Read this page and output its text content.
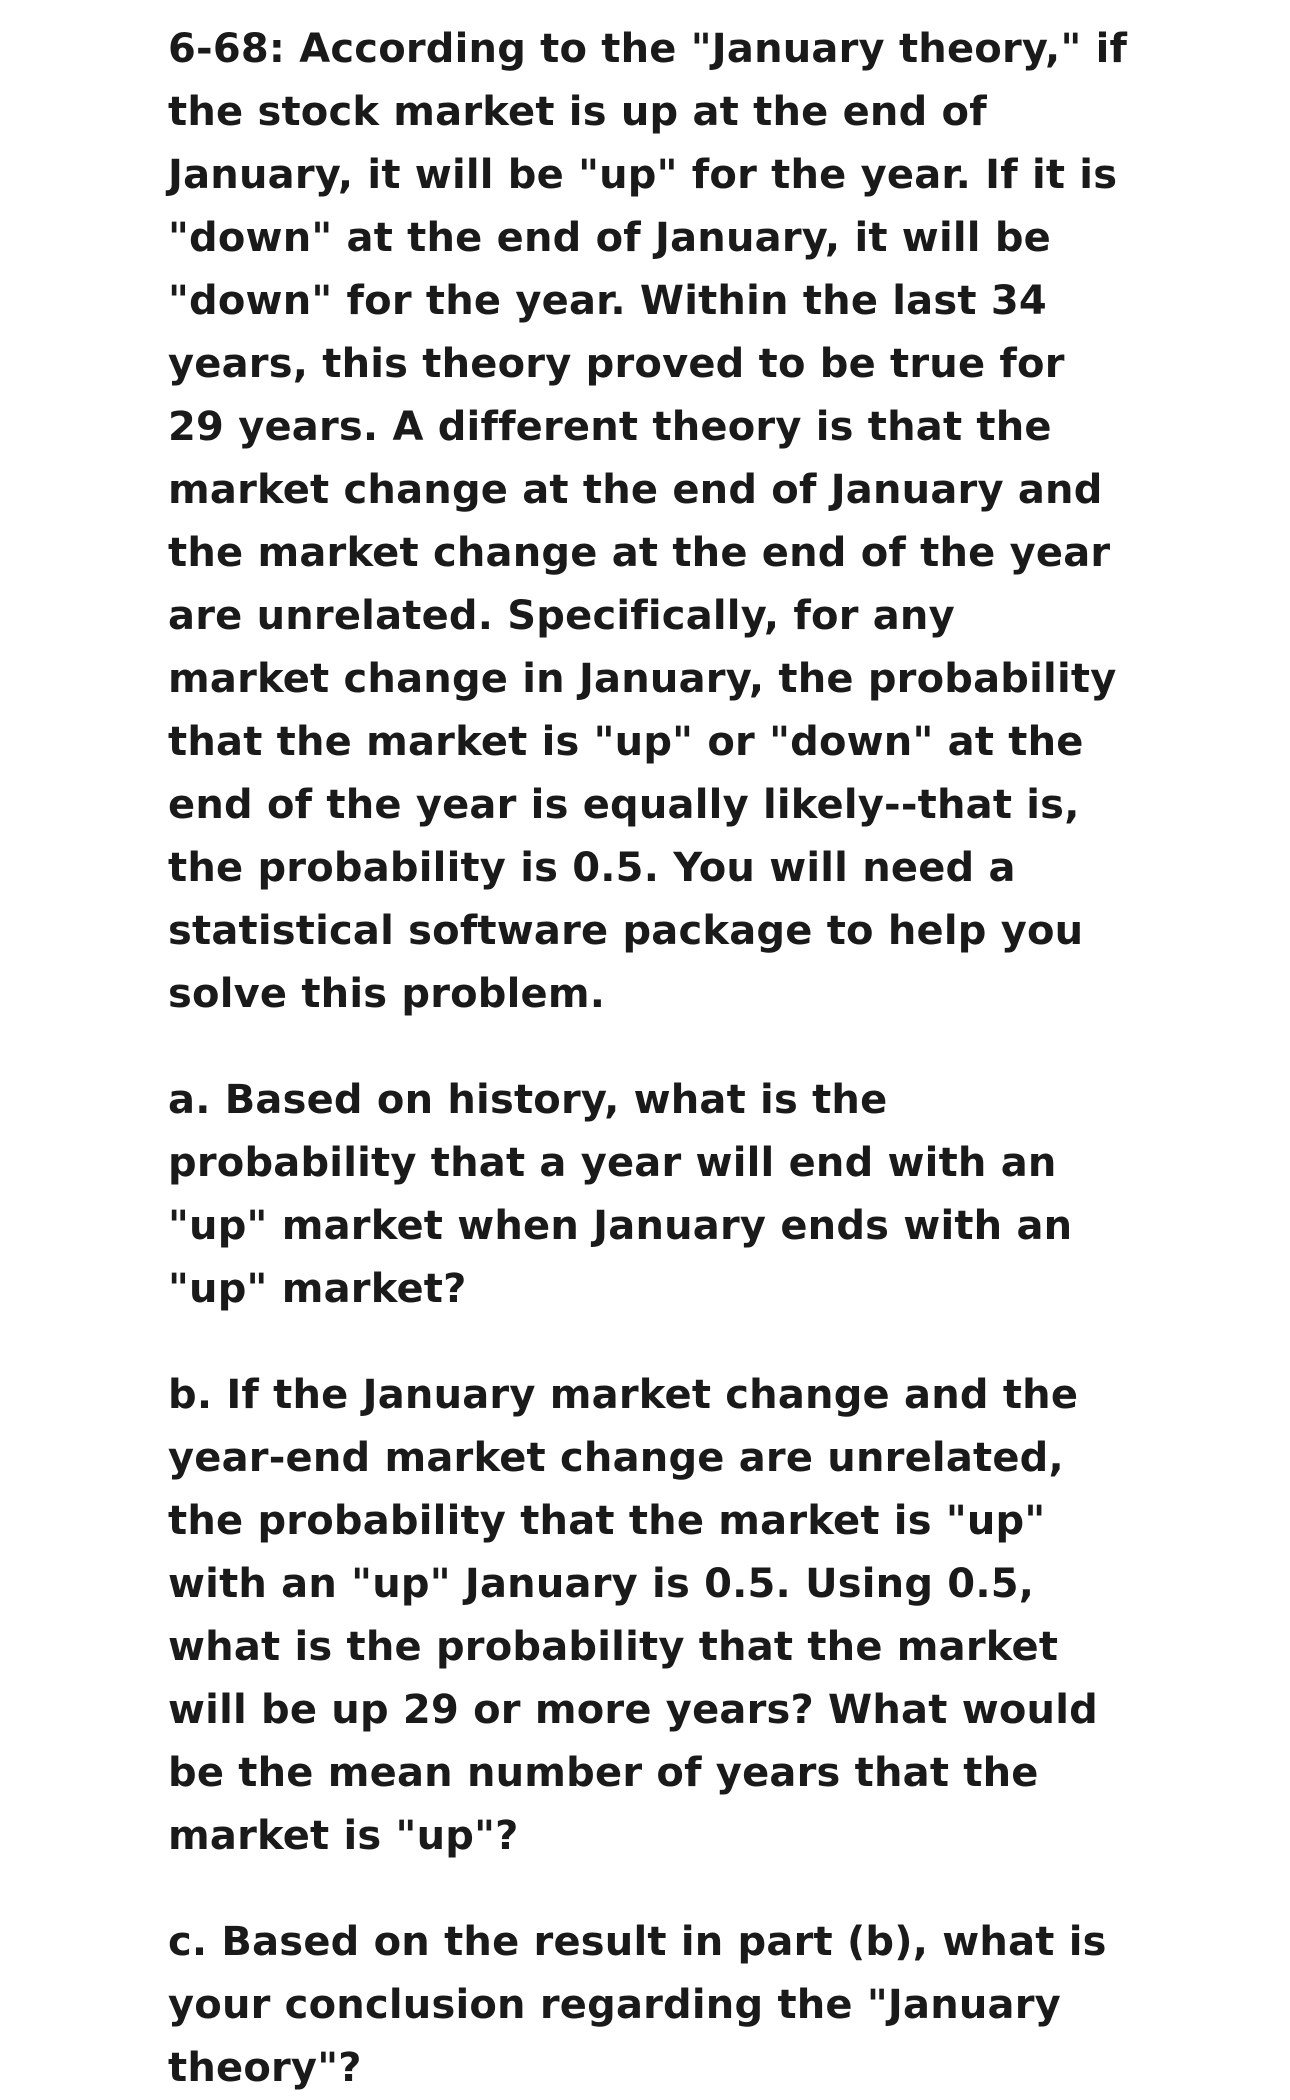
6-68: According to the "January theory," if the stock market is up at the end of January, it will be "up" for the year. If it is "down" at the end of January, it will be "down" for the year. Within the last 34 years, this theory proved to be true for 29 years. A different theory is that the market change at the end of January and the market change at the end of the year are unrelated. Specifically, for any market change in January, the probability that the market is "up" or "down" at the end of the year is equally likely--that is, the probability is 0.5. You will need a statistical software package to help you solve this problem.

a. Based on history, what is the probability that a year will end with an "up" market when January ends with an "up" market?

b. If the January market change and the year-end market change are unrelated, the probability that the market is "up" with an "up" January is 0.5. Using 0.5, what is the probability that the market will be up 29 or more years? What would be the mean number of years that the market is "up"?

c. Based on the result in part (b), what is your conclusion regarding the "January theory"?
